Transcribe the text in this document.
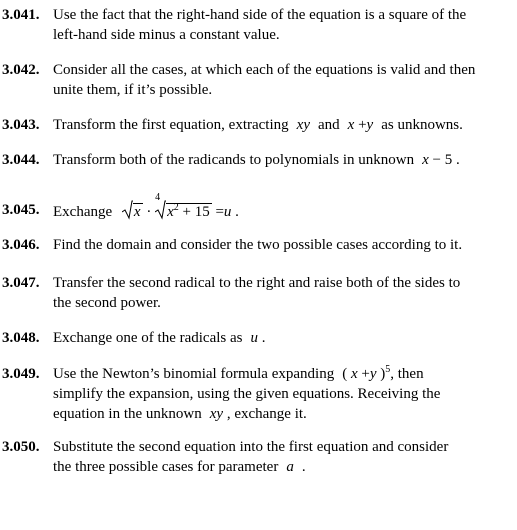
3.041. Use the fact that the right-hand side of the equation is a square of the
left-hand side minus a constant value.
3.042. Consider all the cases, at which each of the equations is valid and then
unite them, if it’s possible.
3.043. Transform the first equation, extracting xy and x +y as unknowns.
3.044. Transform both of the radicands to polynomials in unknown x − 5 .
3.045. Exchange x ·
4
$x^2 + 15 =u$ .
3.046. Find the domain and consider the two possible cases according to it.
3.047. Transfer the second radical to the right and raise both of the sides to
the second power.
3.048. Exchange one of the radicals as u .
3.049. Use the Newton’s binomial formula expanding ( x +y )$^5$, then
simplify the expansion, using the given equations. Receiving the
equation in the unknown xy , exchange it.
3.050. Substitute the second equation into the first equation and consider
the three possible cases for parameter a .
